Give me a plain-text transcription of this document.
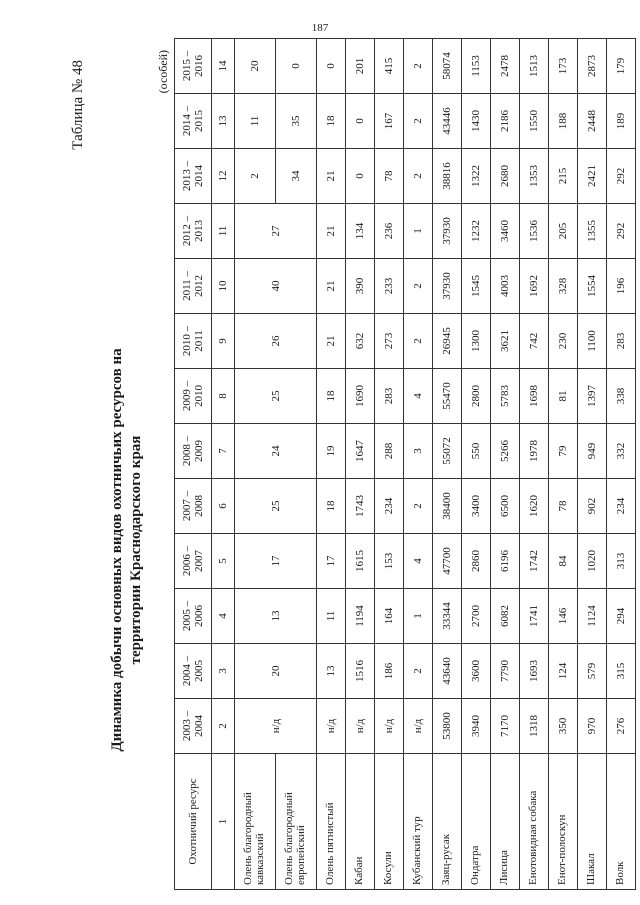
187
Таблица № 48
Динамика добычи основных видов охотничьих ресурсов на территории Краснодарского края
(особей)
Охотничий ресурс	2003 – 2004	2004 – 2005	2005 – 2006	2006 – 2007	2007 – 2008	2008 – 2009	2009 – 2010	2010 – 2011	2011 – 2012	2012 – 2013	2013 – 2014	2014 – 2015	2015 – 2016
1	2	3	4	5	6	7	8	9	10	11	12	13	14
Олень благородный кавказский	н/д	20	13	17	25	24	25	26	40	27	2	11	20
Олень благородный европейский											34	35	0
Олень пятнистый	н/д	13	11	17	18	19	18	21	21	21	21	18	0
Кабан	н/д	1516	1194	1615	1743	1647	1690	632	390	134	0	0	201
Косули	н/д	186	164	153	234	288	283	273	233	236	78	167	415
Кубанский тур	н/д	2	1	4	2	3	4	2	2	1	2	2	2
Заяц-русак	53800	43640	33344	47700	38400	55072	55470	26945	37930	37930	38816	43446	58074
Ондатра	3940	3600	2700	2860	3400	550	2800	1300	1545	1232	1322	1430	1153
Лисица	7170	7790	6082	6196	6500	5266	5783	3621	4003	3460	2680	2186	2478
Енотовидная собака	1318	1693	1741	1742	1620	1978	1698	742	1692	1536	1353	1550	1513
Енот-полоскун	350	124	146	84	78	79	81	230	328	205	215	188	173
Шакал	970	579	1124	1020	902	949	1397	1100	1554	1355	2421	2448	2873
Волк	276	315	294	313	234	332	338	283	196	292	292	189	179
